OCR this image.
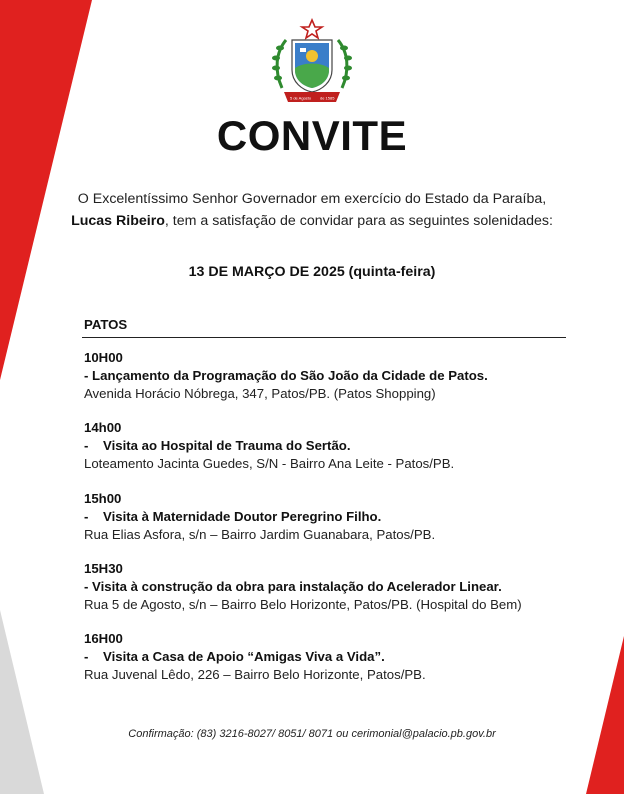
5 de Agosto de 1585
CONVITE
O Excelentíssimo Senhor Governador em exercício do Estado da Paraíba,
Lucas Ribeiro, tem a satisfação de convidar para as seguintes solenidades:
13 DE MARÇO DE 2025 (quinta-feira)
PATOS
10H00
- Lançamento da Programação do São João da Cidade de Patos.
Avenida Horácio Nóbrega, 347, Patos/PB. (Patos Shopping)
14h00
-    Visita ao Hospital de Trauma do Sertão.
Loteamento Jacinta Guedes, S/N - Bairro Ana Leite - Patos/PB.
15h00
-    Visita à Maternidade Doutor Peregrino Filho.
Rua Elias Asfora, s/n – Bairro Jardim Guanabara, Patos/PB.
15H30
- Visita à construção da obra para instalação do Acelerador Linear.
Rua 5 de Agosto, s/n – Bairro Belo Horizonte, Patos/PB. (Hospital do Bem)
16H00
-    Visita a Casa de Apoio “Amigas Viva a Vida”.
Rua Juvenal Lêdo, 226 – Bairro Belo Horizonte, Patos/PB.
Confirmação: (83) 3216-8027/ 8051/ 8071 ou cerimonial@palacio.pb.gov.br
